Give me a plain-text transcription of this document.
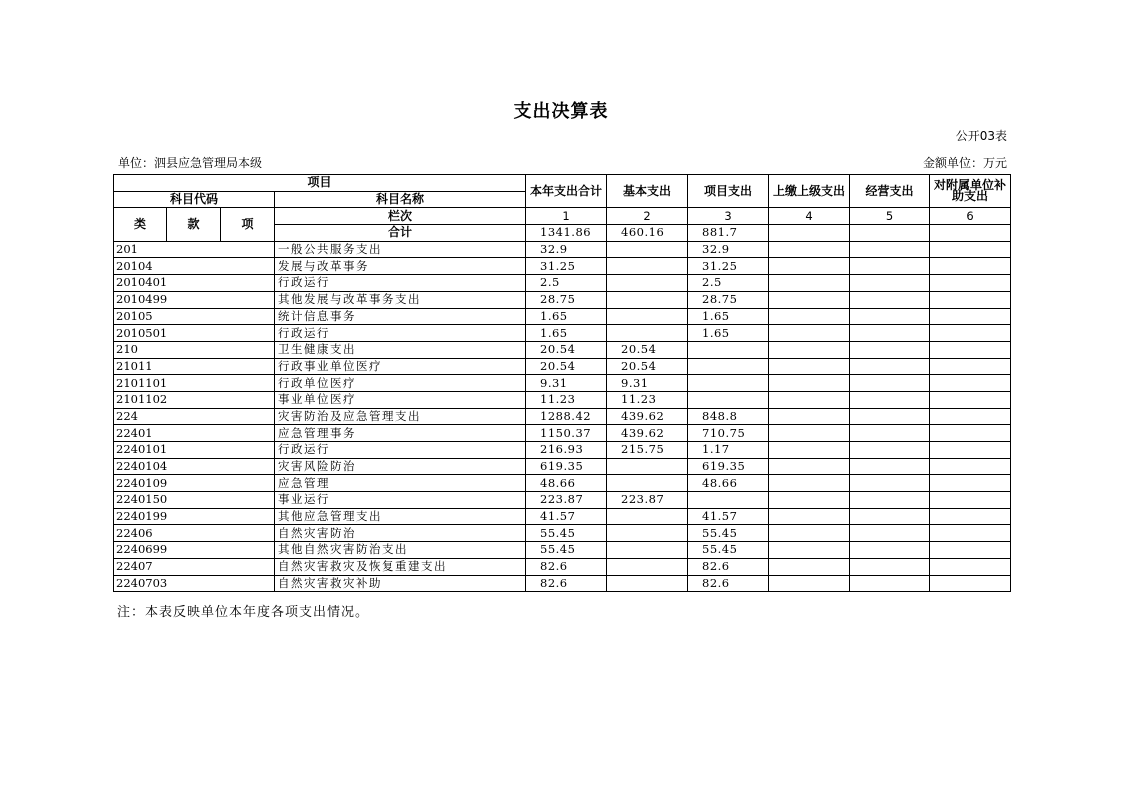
支出决算表
公开03表
单位：泗县应急管理局本级	金额单位：万元
项目				本年支出合计	基本支出	项目支出	上缴上级支出	经营支出	对附属单位补助支出
科目代码			科目名称						
类	款	项	栏次	1	2	3	4	5	6
			合计	1341.86	460.16	881.7			
201			一般公共服务支出	32.9		32.9			
20104			发展与改革事务	31.25		31.25			
2010401			行政运行	2.5		2.5			
2010499			其他发展与改革事务支出	28.75		28.75			
20105			统计信息事务	1.65		1.65			
2010501			行政运行	1.65		1.65			
210			卫生健康支出	20.54	20.54				
21011			行政事业单位医疗	20.54	20.54				
2101101			行政单位医疗	9.31	9.31				
2101102			事业单位医疗	11.23	11.23				
224			灾害防治及应急管理支出	1288.42	439.62	848.8			
22401			应急管理事务	1150.37	439.62	710.75			
2240101			行政运行	216.93	215.75	1.17			
2240104			灾害风险防治	619.35		619.35			
2240109			应急管理	48.66		48.66			
2240150			事业运行	223.87	223.87				
2240199			其他应急管理支出	41.57		41.57			
22406			自然灾害防治	55.45		55.45			
2240699			其他自然灾害防治支出	55.45		55.45			
22407			自然灾害救灾及恢复重建支出	82.6		82.6			
2240703			自然灾害救灾补助	82.6		82.6			
注：本表反映单位本年度各项支出情况。
